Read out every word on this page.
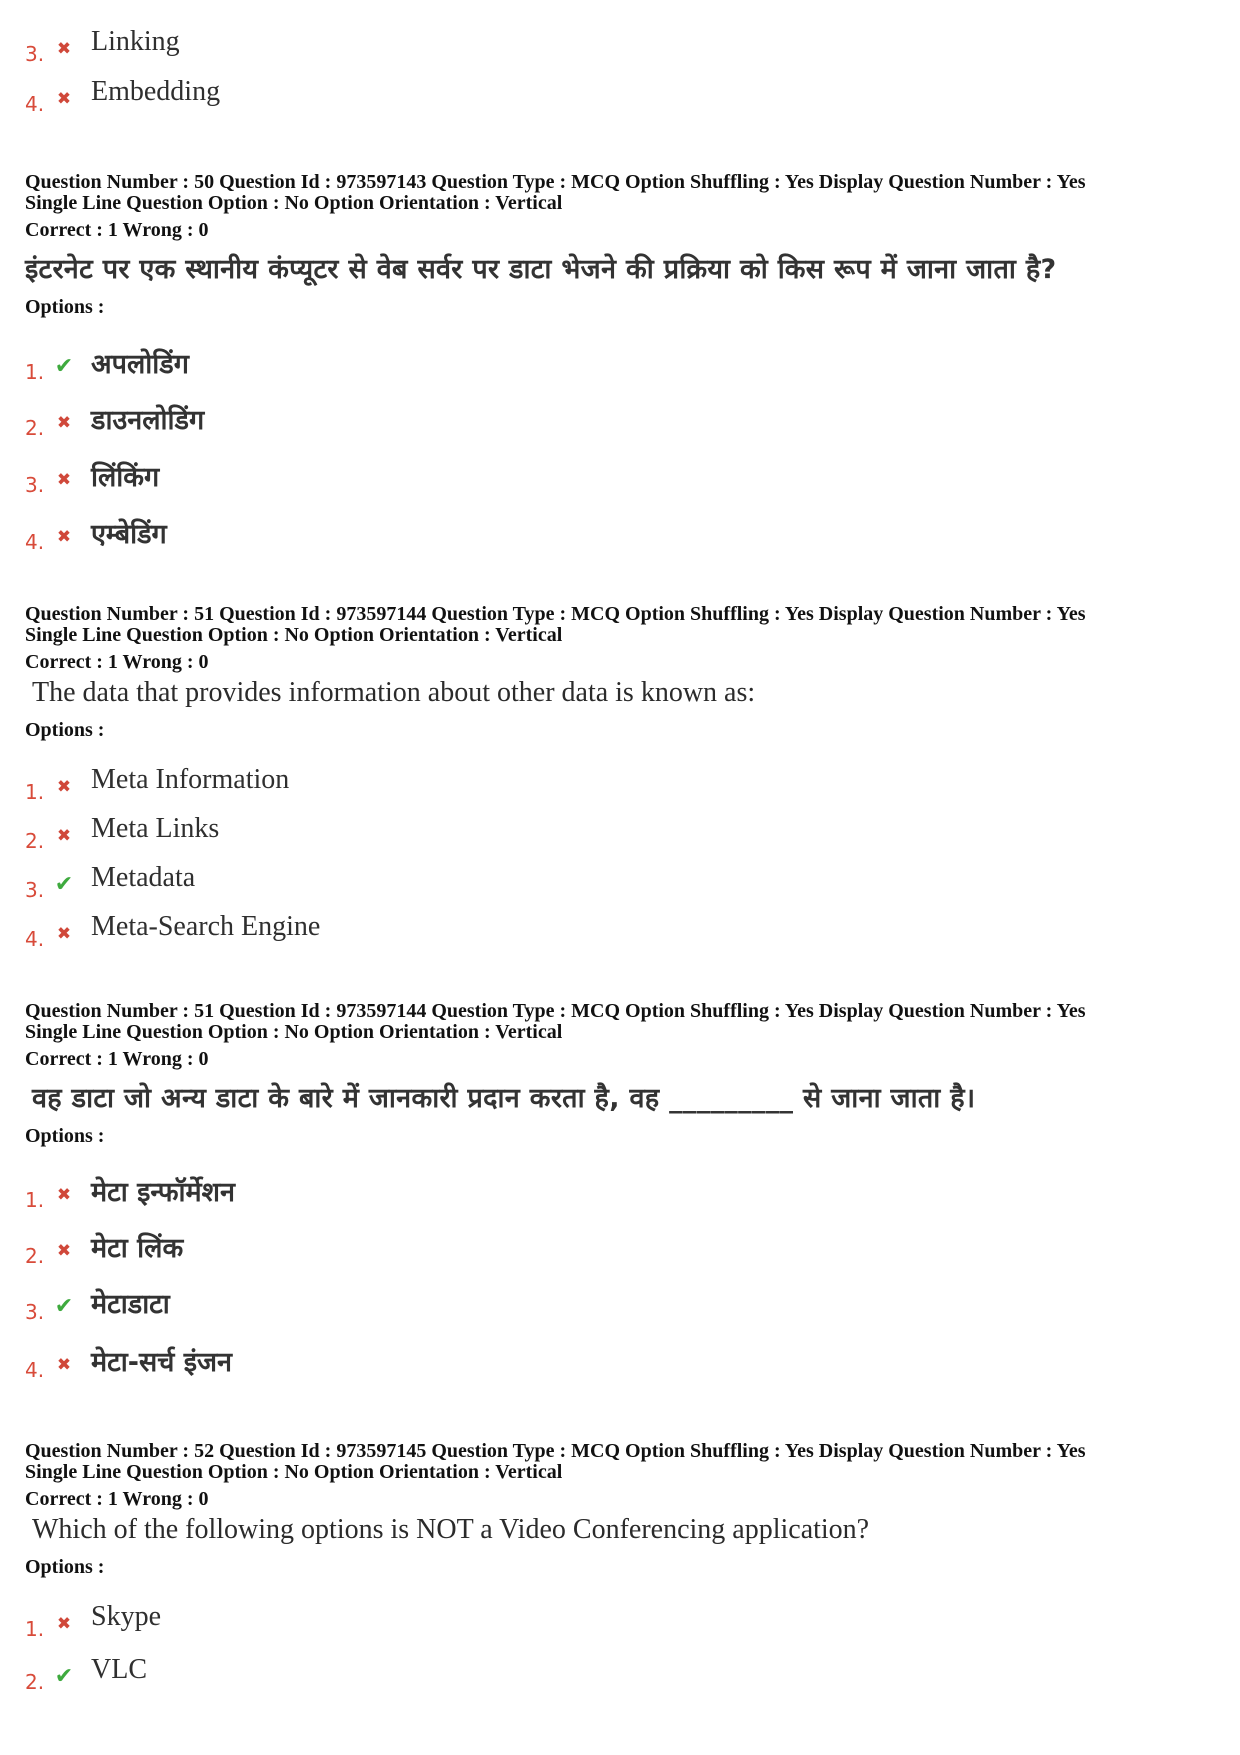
3. ✖ Linking
4. ✖ Embedding
Question Number : 50 Question Id : 973597143 Question Type : MCQ Option Shuffling : Yes Display Question Number : Yes
Single Line Question Option : No Option Orientation : Vertical
Correct : 1 Wrong : 0
इंटरनेट पर एक स्थानीय कंप्यूटर से वेब सर्वर पर डाटा भेजने की प्रक्रिया को किस रूप में जाना जाता है?
Options :
1. ✔ अपलोडिंग
2. ✖ डाउनलोडिंग
3. ✖ लिंकिंग
4. ✖ एम्बेडिंग
Question Number : 51 Question Id : 973597144 Question Type : MCQ Option Shuffling : Yes Display Question Number : Yes
Single Line Question Option : No Option Orientation : Vertical
Correct : 1 Wrong : 0
The data that provides information about other data is known as:
Options :
1. ✖ Meta Information
2. ✖ Meta Links
3. ✔ Metadata
4. ✖ Meta-Search Engine
Question Number : 51 Question Id : 973597144 Question Type : MCQ Option Shuffling : Yes Display Question Number : Yes
Single Line Question Option : No Option Orientation : Vertical
Correct : 1 Wrong : 0
वह डाटा जो अन्य डाटा के बारे में जानकारी प्रदान करता है, वह _________ से जाना जाता है।
Options :
1. ✖ मेटा इन्फॉर्मेशन
2. ✖ मेटा लिंक
3. ✔ मेटाडाटा
4. ✖ मेटा-सर्च इंजन
Question Number : 52 Question Id : 973597145 Question Type : MCQ Option Shuffling : Yes Display Question Number : Yes
Single Line Question Option : No Option Orientation : Vertical
Correct : 1 Wrong : 0
Which of the following options is NOT a Video Conferencing application?
Options :
1. ✖ Skype
2. ✔ VLC
